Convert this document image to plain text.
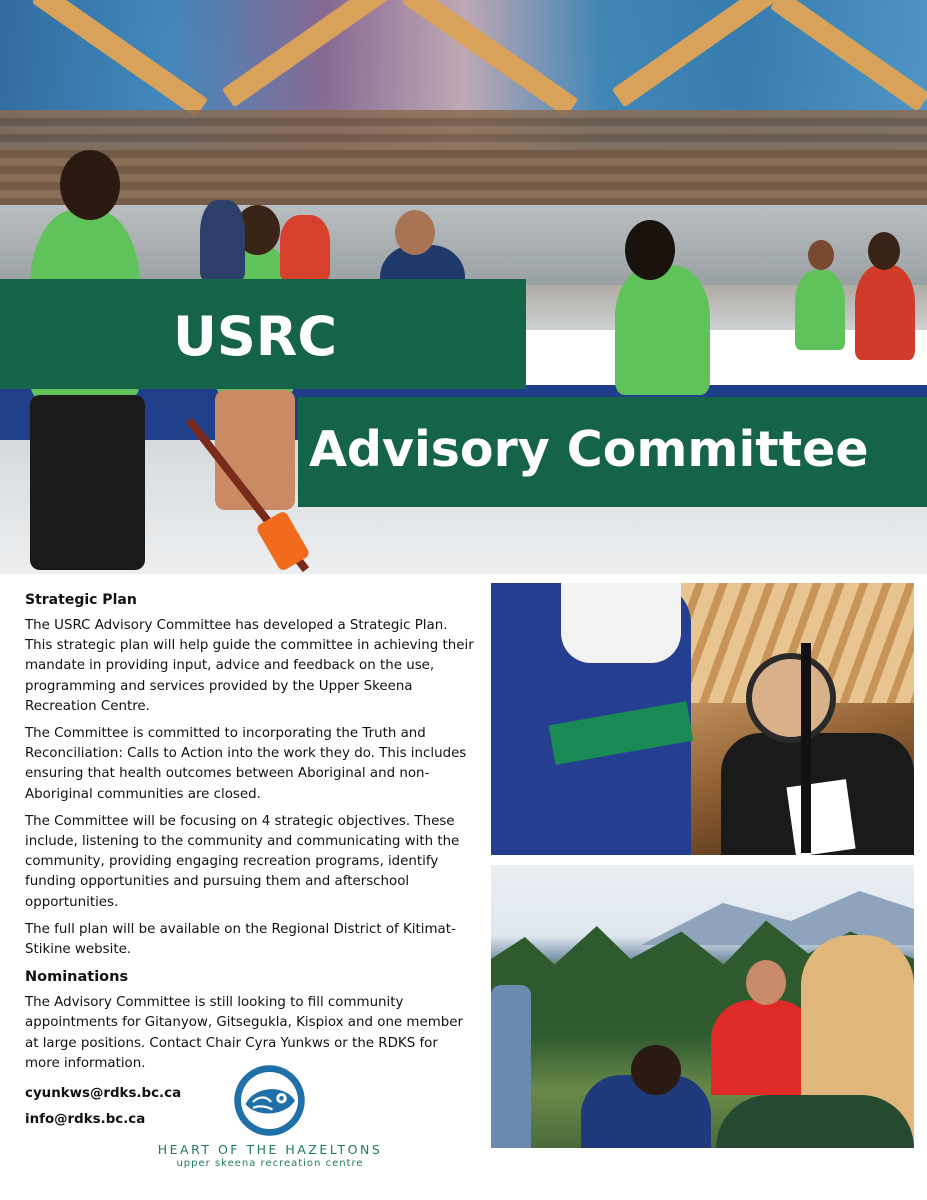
USRC
Advisory Committee
Strategic Plan

The USRC Advisory Committee has developed a Strategic Plan. This strategic plan will help guide the committee in achieving their mandate in providing input, advice and feedback on the use, programming and services provided by the Upper Skeena Recreation Centre.

The Committee is committed to incorporating the Truth and Reconciliation: Calls to Action into the work they do. This includes ensuring that health outcomes between Aboriginal and non-Aboriginal communities are closed.

The Committee will be focusing on 4 strategic objectives. These include, listening to the community and communicating with the community, providing engaging recreation programs, identify funding opportunities and pursuing them and afterschool opportunities.

The full plan will be available on the Regional District of Kitimat-Stikine website.

Nominations

The Advisory Committee is still looking to fill community appointments for Gitanyow, Gitsegukla, Kispiox and one member at large positions. Contact Chair Cyra Yunkws or the RDKS for more information.

cyunkws@rdks.bc.ca
info@rdks.bc.ca
HEART OF THE HAZELTONS
upper skeena recreation centre
